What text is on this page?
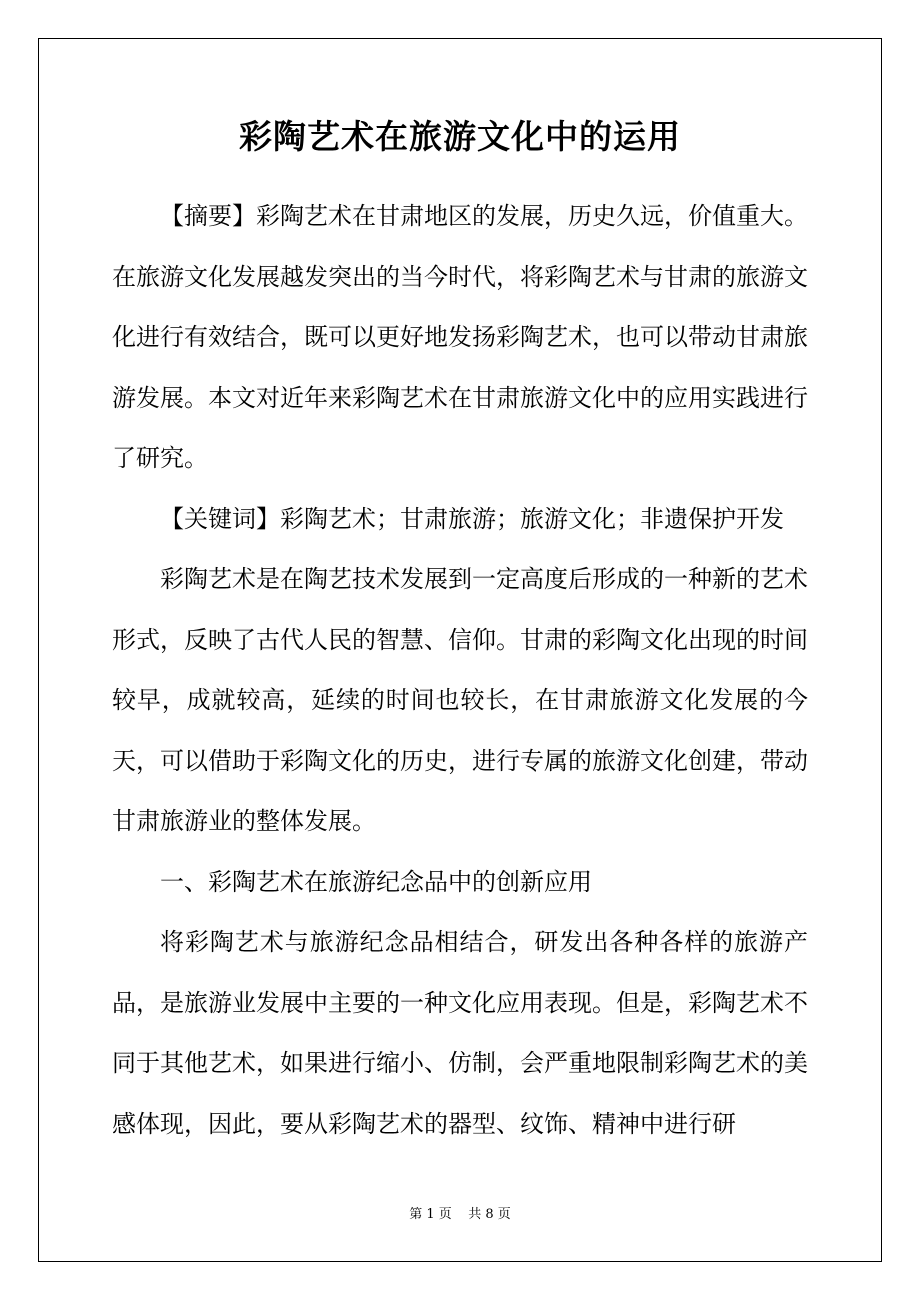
彩陶艺术在旅游文化中的运用

【摘要】彩陶艺术在甘肃地区的发展，历史久远，价值重大。在旅游文化发展越发突出的当今时代，将彩陶艺术与甘肃的旅游文化进行有效结合，既可以更好地发扬彩陶艺术，也可以带动甘肃旅游发展。本文对近年来彩陶艺术在甘肃旅游文化中的应用实践进行了研究。

【关键词】彩陶艺术；甘肃旅游；旅游文化；非遗保护开发

彩陶艺术是在陶艺技术发展到一定高度后形成的一种新的艺术形式，反映了古代人民的智慧、信仰。甘肃的彩陶文化出现的时间较早，成就较高，延续的时间也较长，在甘肃旅游文化发展的今天，可以借助于彩陶文化的历史，进行专属的旅游文化创建，带动甘肃旅游业的整体发展。

一、彩陶艺术在旅游纪念品中的创新应用

将彩陶艺术与旅游纪念品相结合，研发出各种各样的旅游产品，是旅游业发展中主要的一种文化应用表现。但是，彩陶艺术不同于其他艺术，如果进行缩小、仿制，会严重地限制彩陶艺术的美感体现，因此，要从彩陶艺术的器型、纹饰、精神中进行研

第 1 页 共 8 页
